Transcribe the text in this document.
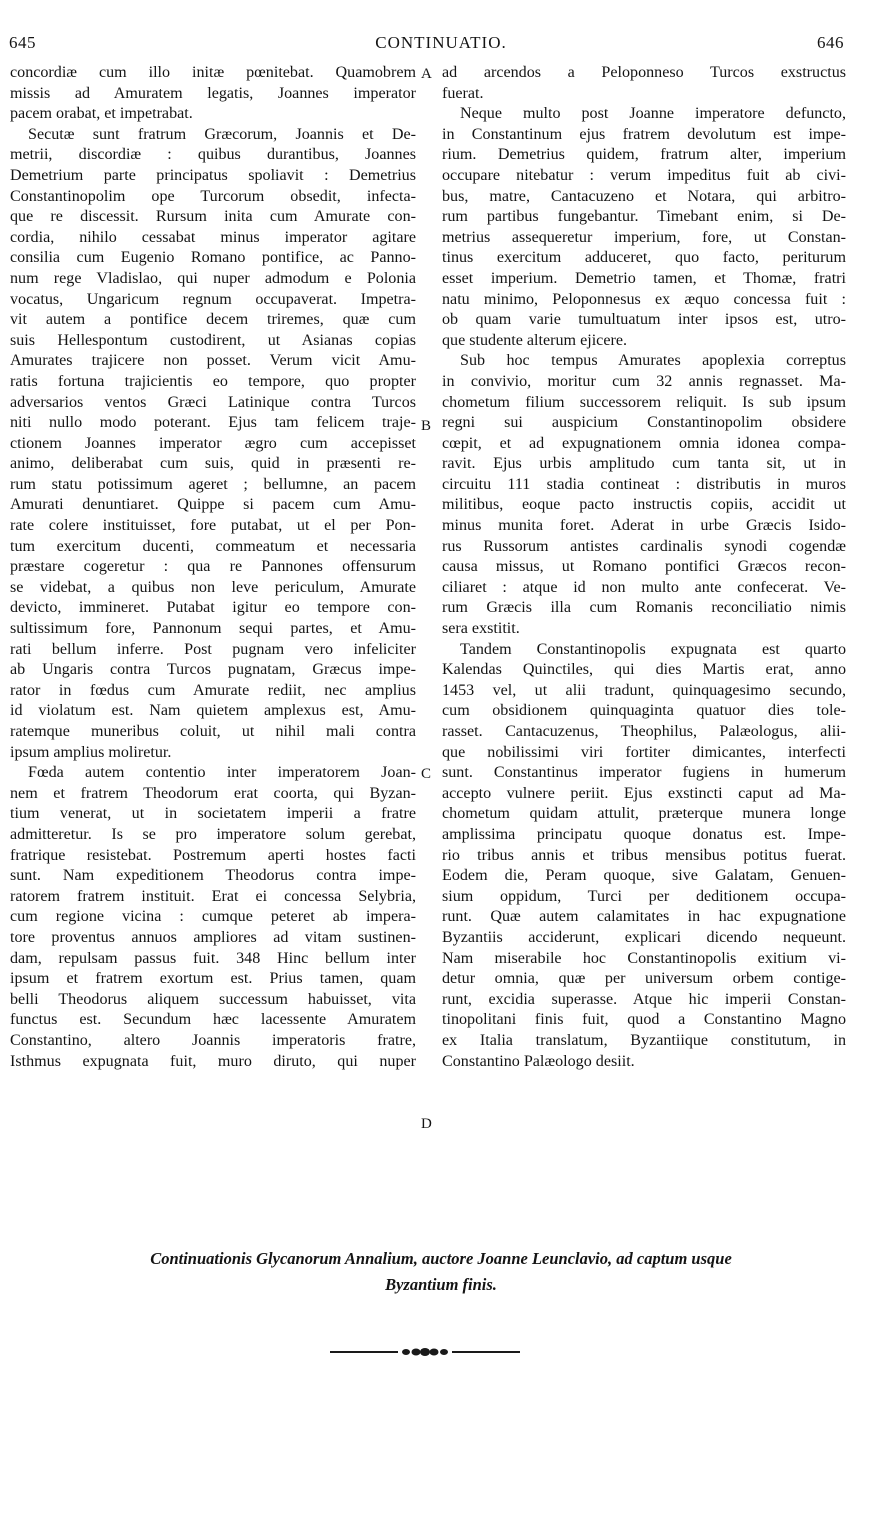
645	CONTINUATIO.	646
concordiæ cum illo initæ pœnitebat. Quamobrem
missis ad Amuratem legatis, Joannes imperator
pacem orabat, et impetrabat.
Secutæ sunt fratrum Græcorum, Joannis et De-
metrii, discordiæ : quibus durantibus, Joannes
Demetrium parte principatus spoliavit : Demetrius
Constantinopolim ope Turcorum obsedit, infecta-
que re discessit. Rursum inita cum Amurate con-
cordia, nihilo cessabat minus imperator agitare
consilia cum Eugenio Romano pontifice, ac Panno-
num rege Vladislao, qui nuper admodum e Polonia
vocatus, Ungaricum regnum occupaverat. Impetra-
vit autem a pontifice decem triremes, quæ cum
suis Hellespontum custodirent, ut Asianas copias
Amurates trajicere non posset. Verum vicit Amu-
ratis fortuna trajicientis eo tempore, quo propter
adversarios ventos Græci Latinique contra Turcos
niti nullo modo poterant. Ejus tam felicem traje-
ctionem Joannes imperator ægro cum accepisset
animo, deliberabat cum suis, quid in præsenti re-
rum statu potissimum ageret ; bellumne, an pacem
Amurati denuntiaret. Quippe si pacem cum Amu-
rate colere instituisset, fore putabat, ut el per Pon-
tum exercitum ducenti, commeatum et necessaria
præstare cogeretur : qua re Pannones offensurum
se videbat, a quibus non leve periculum, Amurate
devicto, immineret. Putabat igitur eo tempore con-
sultissimum fore, Pannonum sequi partes, et Amu-
rati bellum inferre. Post pugnam vero infeliciter
ab Ungaris contra Turcos pugnatam, Græcus impe-
rator in fœdus cum Amurate rediit, nec amplius
id violatum est. Nam quietem amplexus est, Amu-
ratemque muneribus coluit, ut nihil mali contra
ipsum amplius moliretur.
Fœda autem contentio inter imperatorem Joan-
nem et fratrem Theodorum erat coorta, qui Byzan-
tium venerat, ut in societatem imperii a fratre
admitteretur. Is se pro imperatore solum gerebat,
fratrique resistebat. Postremum aperti hostes facti
sunt. Nam expeditionem Theodorus contra impe-
ratorem fratrem instituit. Erat ei concessa Selybria,
cum regione vicina : cumque peteret ab impera-
tore proventus annuos ampliores ad vitam sustinen-
dam, repulsam passus fuit. 348 Hinc bellum inter
ipsum et fratrem exortum est. Prius tamen, quam
belli Theodorus aliquem successum habuisset, vita
functus est. Secundum hæc lacessente Amuratem
Constantino, altero Joannis imperatoris fratre,
Isthmus expugnata fuit, muro diruto, qui nuper
ad arcendos a Peloponneso Turcos exstructus
fuerat.
Neque multo post Joanne imperatore defuncto,
in Constantinum ejus fratrem devolutum est impe-
rium. Demetrius quidem, fratrum alter, imperium
occupare nitebatur : verum impeditus fuit ab civi-
bus, matre, Cantacuzeno et Notara, qui arbitro-
rum partibus fungebantur. Timebant enim, si De-
metrius assequeretur imperium, fore, ut Constan-
tinus exercitum adduceret, quo facto, periturum
esset imperium. Demetrio tamen, et Thomæ, fratri
natu minimo, Peloponnesus ex æquo concessa fuit :
ob quam varie tumultuatum inter ipsos est, utro-
que studente alterum ejicere.
Sub hoc tempus Amurates apoplexia correptus
in convivio, moritur cum 32 annis regnasset. Ma-
chometum filium successorem reliquit. Is sub ipsum
regni sui auspicium Constantinopolim obsidere
cœpit, et ad expugnationem omnia idonea compa-
ravit. Ejus urbis amplitudo cum tanta sit, ut in
circuitu 111 stadia contineat : distributis in muros
militibus, eoque pacto instructis copiis, accidit ut
minus munita foret. Aderat in urbe Græcis Isido-
rus Russorum antistes cardinalis synodi cogendæ
causa missus, ut Romano pontifici Græcos recon-
ciliaret : atque id non multo ante confecerat. Ve-
rum Græcis illa cum Romanis reconciliatio nimis
sera exstitit.
Tandem Constantinopolis expugnata est quarto
Kalendas Quinctiles, qui dies Martis erat, anno
1453 vel, ut alii tradunt, quinquagesimo secundo,
cum obsidionem quinquaginta quatuor dies tole-
rasset. Cantacuzenus, Theophilus, Palæologus, alii-
que nobilissimi viri fortiter dimicantes, interfecti
sunt. Constantinus imperator fugiens in humerum
accepto vulnere periit. Ejus exstincti caput ad Ma-
chometum quidam attulit, præterque munera longe
amplissima principatu quoque donatus est. Impe-
rio tribus annis et tribus mensibus potitus fuerat.
Eodem die, Peram quoque, sive Galatam, Genuen-
sium oppidum, Turci per deditionem occupa-
runt. Quæ autem calamitates in hac expugnatione
Byzantiis acciderunt, explicari dicendo nequeunt.
Nam miserabile hoc Constantinopolis exitium vi-
detur omnia, quæ per universum orbem contige-
runt, excidia superasse. Atque hic imperii Constan-
tinopolitani finis fuit, quod a Constantino Magno
ex Italia translatum, Byzantiique constitutum, in
Constantino Palæologo desiit.
A
B
C
D
Continuationis Glycanorum Annalium, auctore Joanne Leunclavio, ad captum usque
Byzantium finis.
